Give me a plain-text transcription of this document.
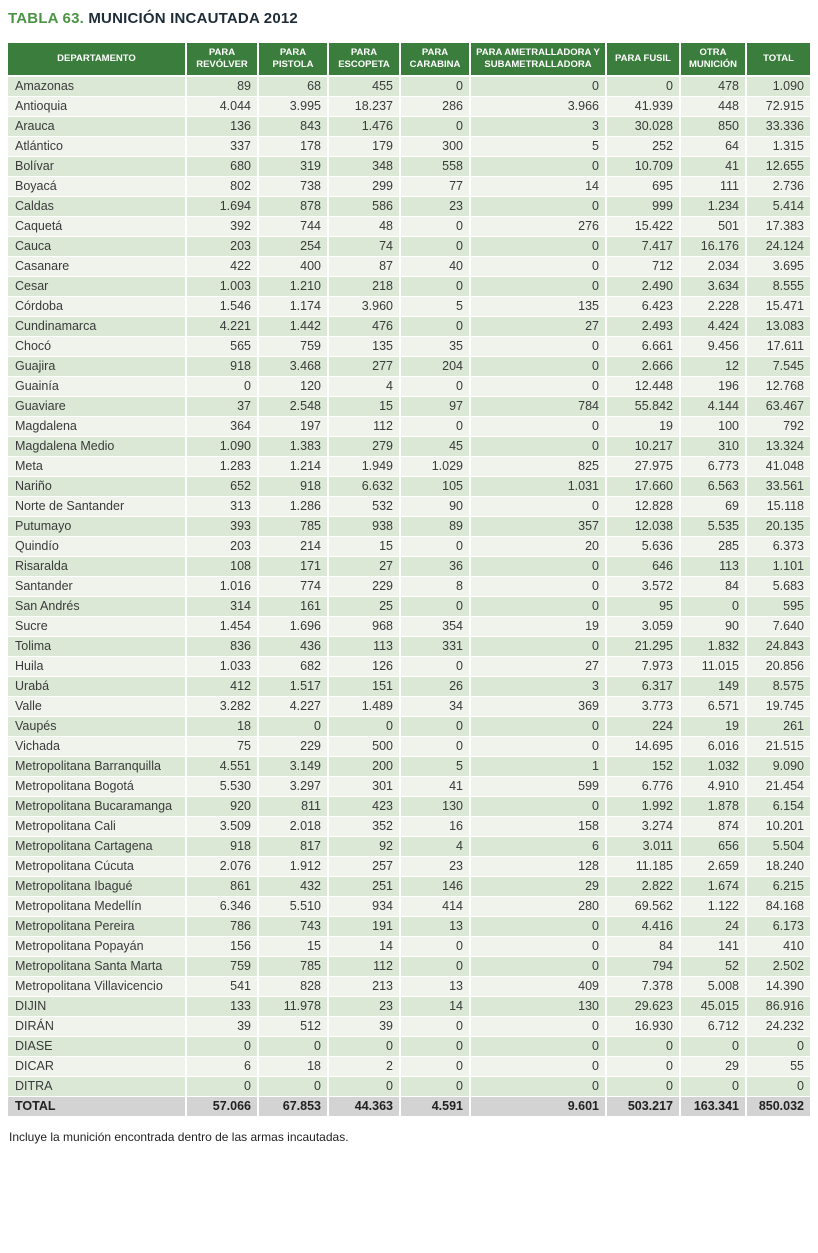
TABLA 63. MUNICIÓN INCAUTADA 2012
DEPARTAMENTO	PARA REVÓLVER	PARA PISTOLA	PARA ESCOPETA	PARA CARABINA	PARA AMETRALLADORA Y SUBAMETRALLADORA	PARA FUSIL	OTRA MUNICIÓN	TOTAL
Amazonas	89	68	455	0	0	0	478	1.090
Antioquia	4.044	3.995	18.237	286	3.966	41.939	448	72.915
Arauca	136	843	1.476	0	3	30.028	850	33.336
Atlántico	337	178	179	300	5	252	64	1.315
Bolívar	680	319	348	558	0	10.709	41	12.655
Boyacá	802	738	299	77	14	695	111	2.736
Caldas	1.694	878	586	23	0	999	1.234	5.414
Caquetá	392	744	48	0	276	15.422	501	17.383
Cauca	203	254	74	0	0	7.417	16.176	24.124
Casanare	422	400	87	40	0	712	2.034	3.695
Cesar	1.003	1.210	218	0	0	2.490	3.634	8.555
Córdoba	1.546	1.174	3.960	5	135	6.423	2.228	15.471
Cundinamarca	4.221	1.442	476	0	27	2.493	4.424	13.083
Chocó	565	759	135	35	0	6.661	9.456	17.611
Guajira	918	3.468	277	204	0	2.666	12	7.545
Guainía	0	120	4	0	0	12.448	196	12.768
Guaviare	37	2.548	15	97	784	55.842	4.144	63.467
Magdalena	364	197	112	0	0	19	100	792
Magdalena Medio	1.090	1.383	279	45	0	10.217	310	13.324
Meta	1.283	1.214	1.949	1.029	825	27.975	6.773	41.048
Nariño	652	918	6.632	105	1.031	17.660	6.563	33.561
Norte de Santander	313	1.286	532	90	0	12.828	69	15.118
Putumayo	393	785	938	89	357	12.038	5.535	20.135
Quindío	203	214	15	0	20	5.636	285	6.373
Risaralda	108	171	27	36	0	646	113	1.101
Santander	1.016	774	229	8	0	3.572	84	5.683
San Andrés	314	161	25	0	0	95	0	595
Sucre	1.454	1.696	968	354	19	3.059	90	7.640
Tolima	836	436	113	331	0	21.295	1.832	24.843
Huila	1.033	682	126	0	27	7.973	11.015	20.856
Urabá	412	1.517	151	26	3	6.317	149	8.575
Valle	3.282	4.227	1.489	34	369	3.773	6.571	19.745
Vaupés	18	0	0	0	0	224	19	261
Vichada	75	229	500	0	0	14.695	6.016	21.515
Metropolitana Barranquilla	4.551	3.149	200	5	1	152	1.032	9.090
Metropolitana Bogotá	5.530	3.297	301	41	599	6.776	4.910	21.454
Metropolitana Bucaramanga	920	811	423	130	0	1.992	1.878	6.154
Metropolitana Cali	3.509	2.018	352	16	158	3.274	874	10.201
Metropolitana Cartagena	918	817	92	4	6	3.011	656	5.504
Metropolitana Cúcuta	2.076	1.912	257	23	128	11.185	2.659	18.240
Metropolitana Ibagué	861	432	251	146	29	2.822	1.674	6.215
Metropolitana Medellín	6.346	5.510	934	414	280	69.562	1.122	84.168
Metropolitana Pereira	786	743	191	13	0	4.416	24	6.173
Metropolitana Popayán	156	15	14	0	0	84	141	410
Metropolitana Santa Marta	759	785	112	0	0	794	52	2.502
Metropolitana Villavicencio	541	828	213	13	409	7.378	5.008	14.390
DIJIN	133	11.978	23	14	130	29.623	45.015	86.916
DIRÁN	39	512	39	0	0	16.930	6.712	24.232
DIASE	0	0	0	0	0	0	0	0
DICAR	6	18	2	0	0	0	29	55
DITRA	0	0	0	0	0	0	0	0
TOTAL	57.066	67.853	44.363	4.591	9.601	503.217	163.341	850.032

Incluye la munición encontrada dentro de las armas incautadas.
